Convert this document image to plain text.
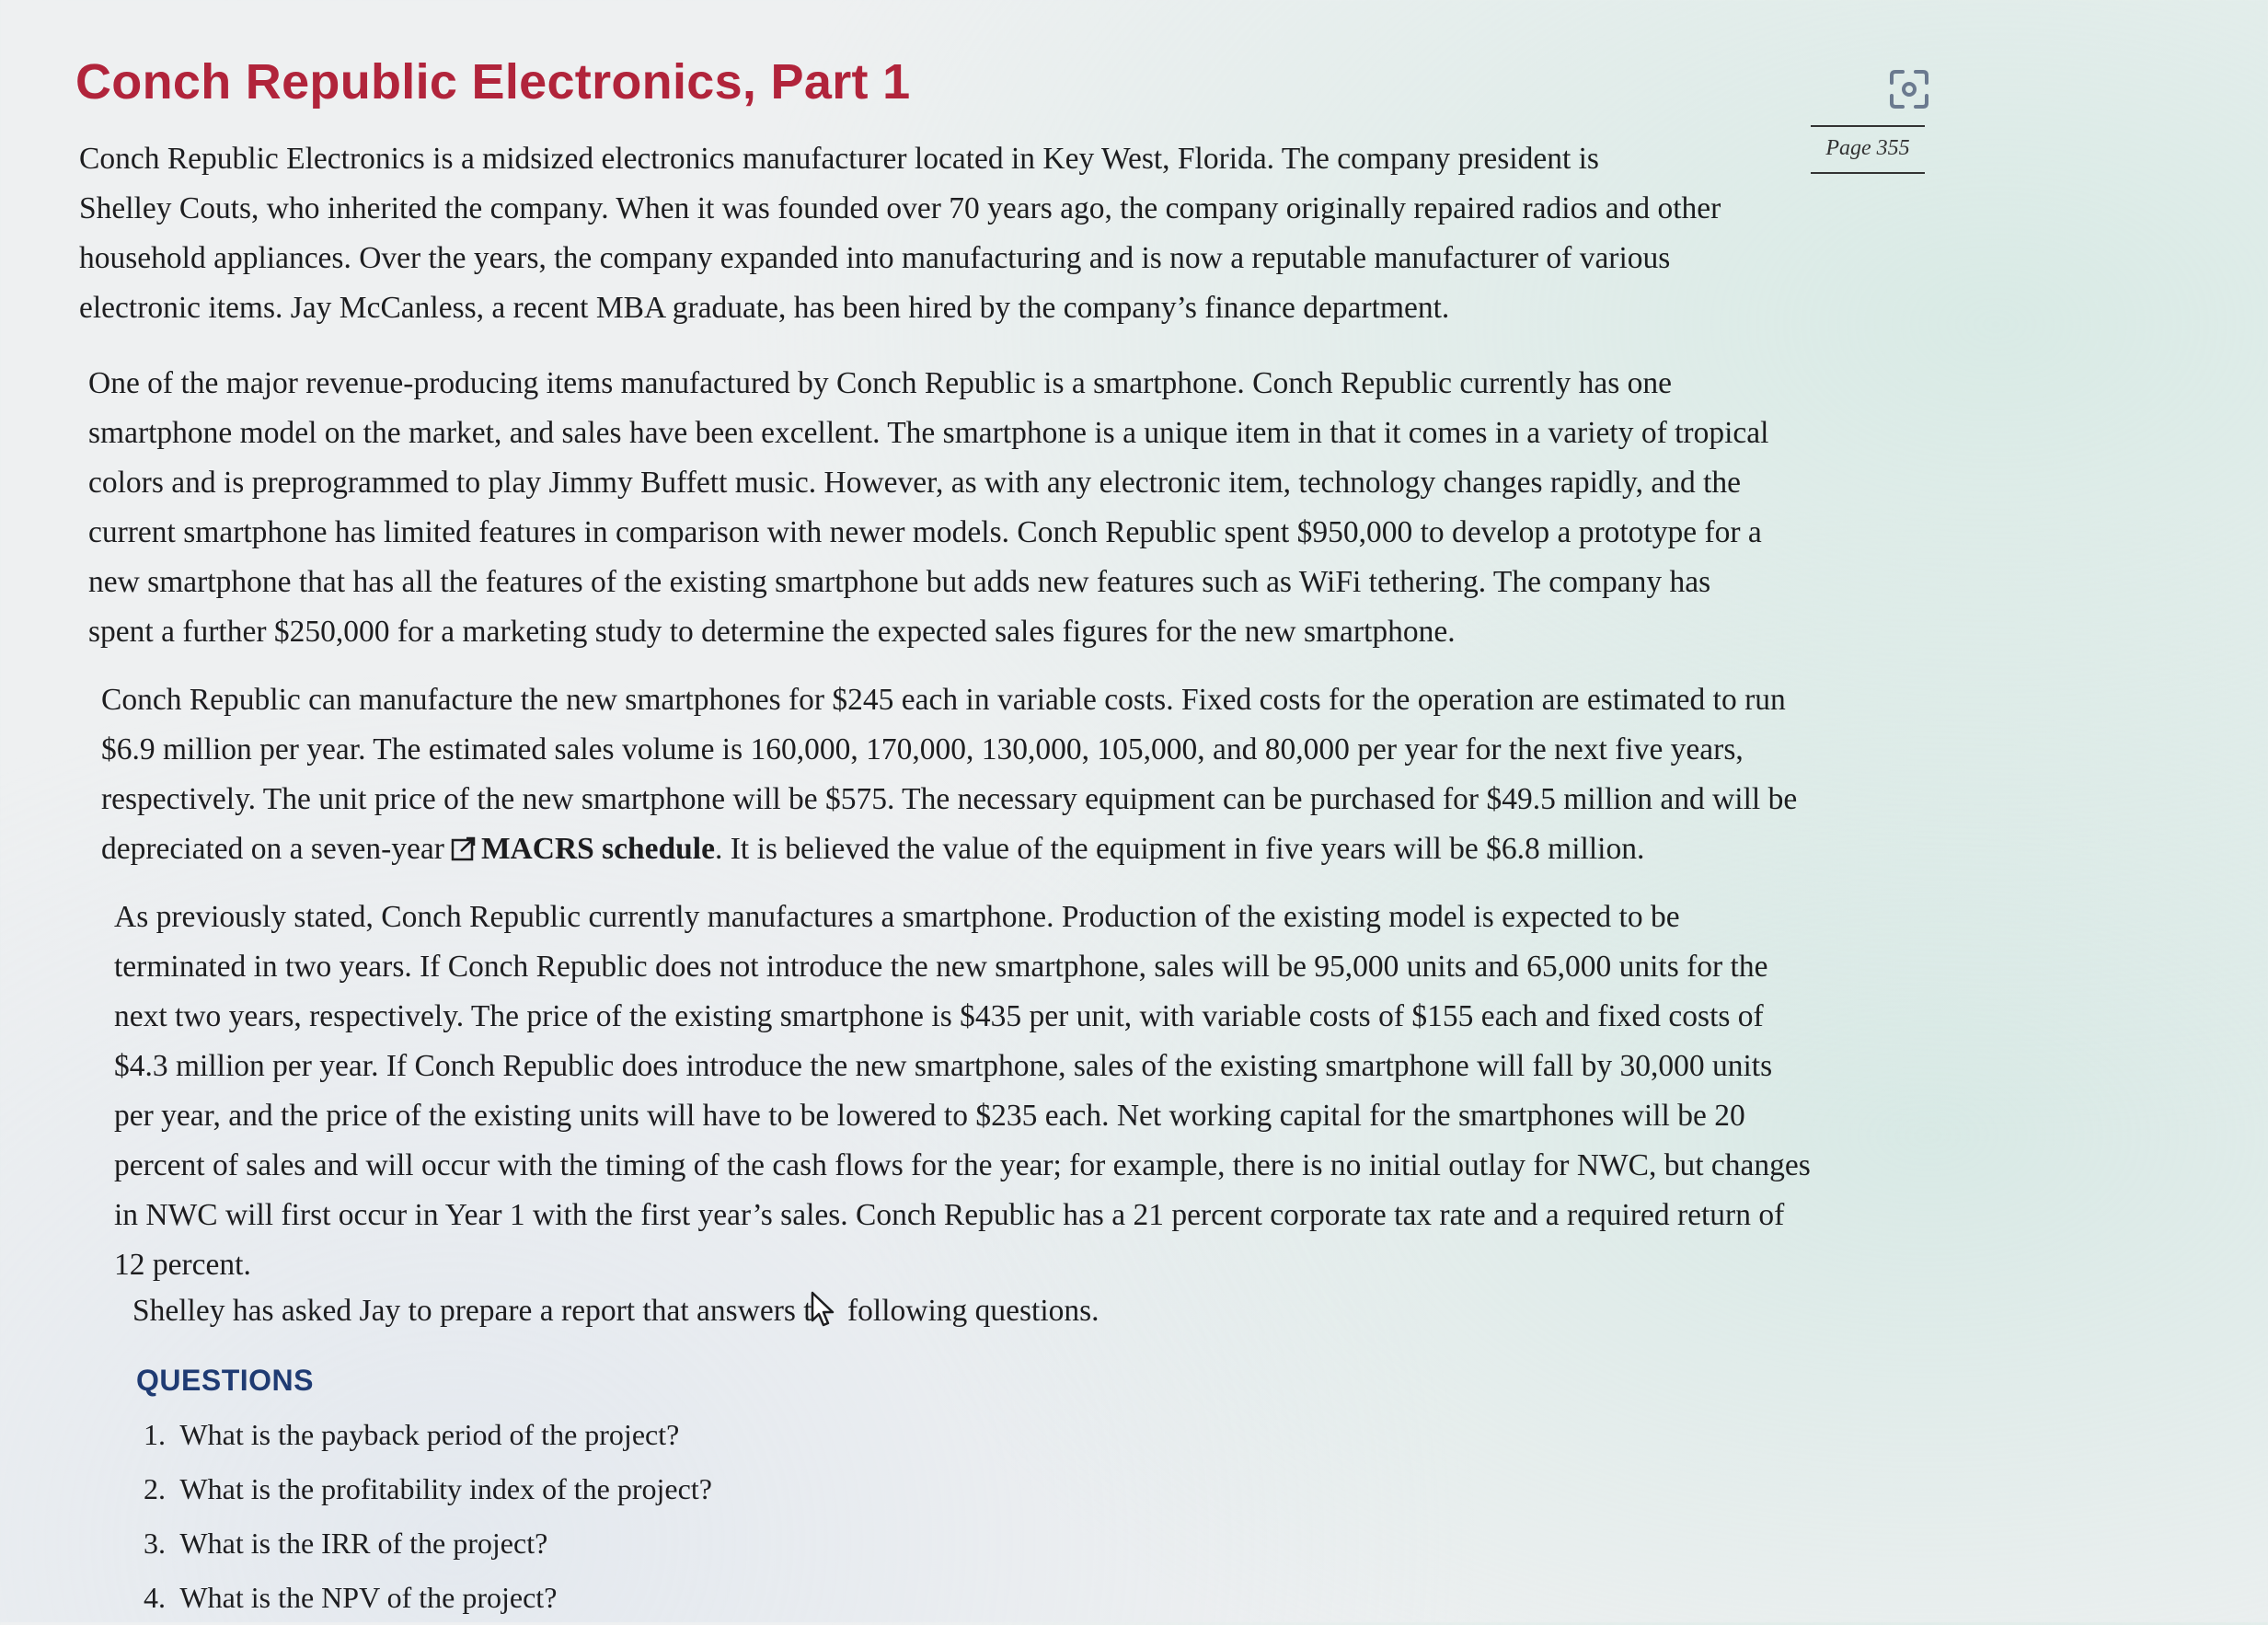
Conch Republic Electronics, Part 1
Page 355

Conch Republic Electronics is a midsized electronics manufacturer located in Key West, Florida. The company president is
Shelley Couts, who inherited the company. When it was founded over 70 years ago, the company originally repaired radios and other
household appliances. Over the years, the company expanded into manufacturing and is now a reputable manufacturer of various
electronic items. Jay McCanless, a recent MBA graduate, has been hired by the company’s finance department.

One of the major revenue-producing items manufactured by Conch Republic is a smartphone. Conch Republic currently has one
smartphone model on the market, and sales have been excellent. The smartphone is a unique item in that it comes in a variety of tropical
colors and is preprogrammed to play Jimmy Buffett music. However, as with any electronic item, technology changes rapidly, and the
current smartphone has limited features in comparison with newer models. Conch Republic spent $950,000 to develop a prototype for a
new smartphone that has all the features of the existing smartphone but adds new features such as WiFi tethering. The company has
spent a further $250,000 for a marketing study to determine the expected sales figures for the new smartphone.

Conch Republic can manufacture the new smartphones for $245 each in variable costs. Fixed costs for the operation are estimated to run
$6.9 million per year. The estimated sales volume is 160,000, 170,000, 130,000, 105,000, and 80,000 per year for the next five years,
respectively. The unit price of the new smartphone will be $575. The necessary equipment can be purchased for $49.5 million and will be
depreciated on a seven-year MACRS schedule. It is believed the value of the equipment in five years will be $6.8 million.

As previously stated, Conch Republic currently manufactures a smartphone. Production of the existing model is expected to be
terminated in two years. If Conch Republic does not introduce the new smartphone, sales will be 95,000 units and 65,000 units for the
next two years, respectively. The price of the existing smartphone is $435 per unit, with variable costs of $155 each and fixed costs of
$4.3 million per year. If Conch Republic does introduce the new smartphone, sales of the existing smartphone will fall by 30,000 units
per year, and the price of the existing units will have to be lowered to $235 each. Net working capital for the smartphones will be 20
percent of sales and will occur with the timing of the cash flows for the year; for example, there is no initial outlay for NWC, but changes
in NWC will first occur in Year 1 with the first year’s sales. Conch Republic has a 21 percent corporate tax rate and a required return of
12 percent.

Shelley has asked Jay to prepare a report that answers t following questions.

QUESTIONS
1. What is the payback period of the project?
2. What is the profitability index of the project?
3. What is the IRR of the project?
4. What is the NPV of the project?
